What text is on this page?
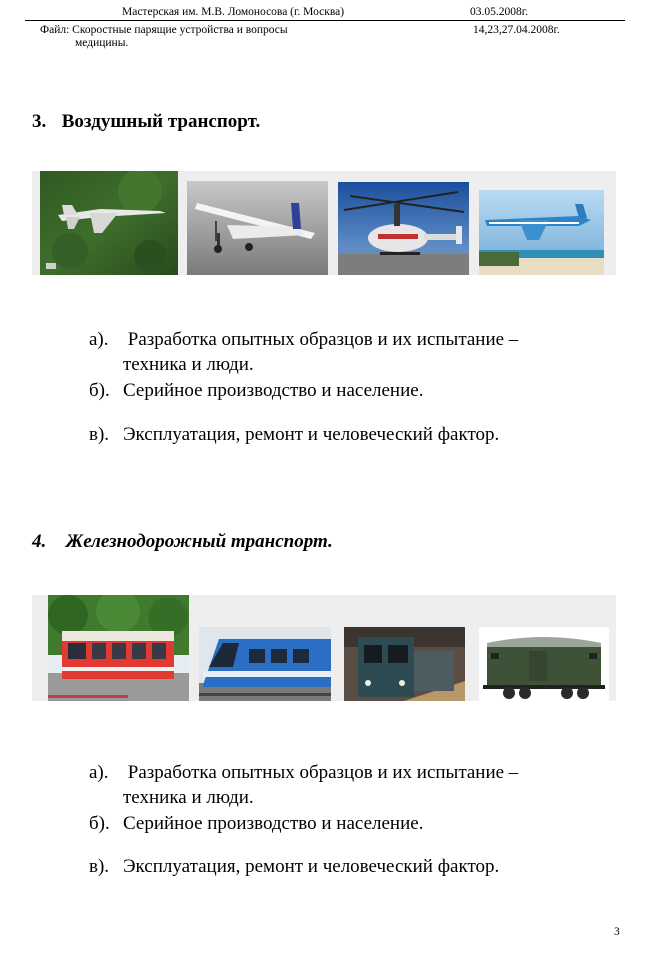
Мастерская им. М.В. Ломоносова (г. Москва)	03.05.2008г.
Файл: Скоростные парящие устройства и вопросы
медицины.
14,23,27.04.2008г.
3. Воздушный транспорт.
а). Разработка опытных образцов и их испытание –
техника и люди.
б). Серийное производство и население.
в). Эксплуатация, ремонт и человеческий фактор.
4. Железнодорожный транспорт.
а). Разработка опытных образцов и их испытание –
техника и люди.
б). Серийное производство и население.
в). Эксплуатация, ремонт и человеческий фактор.
3
